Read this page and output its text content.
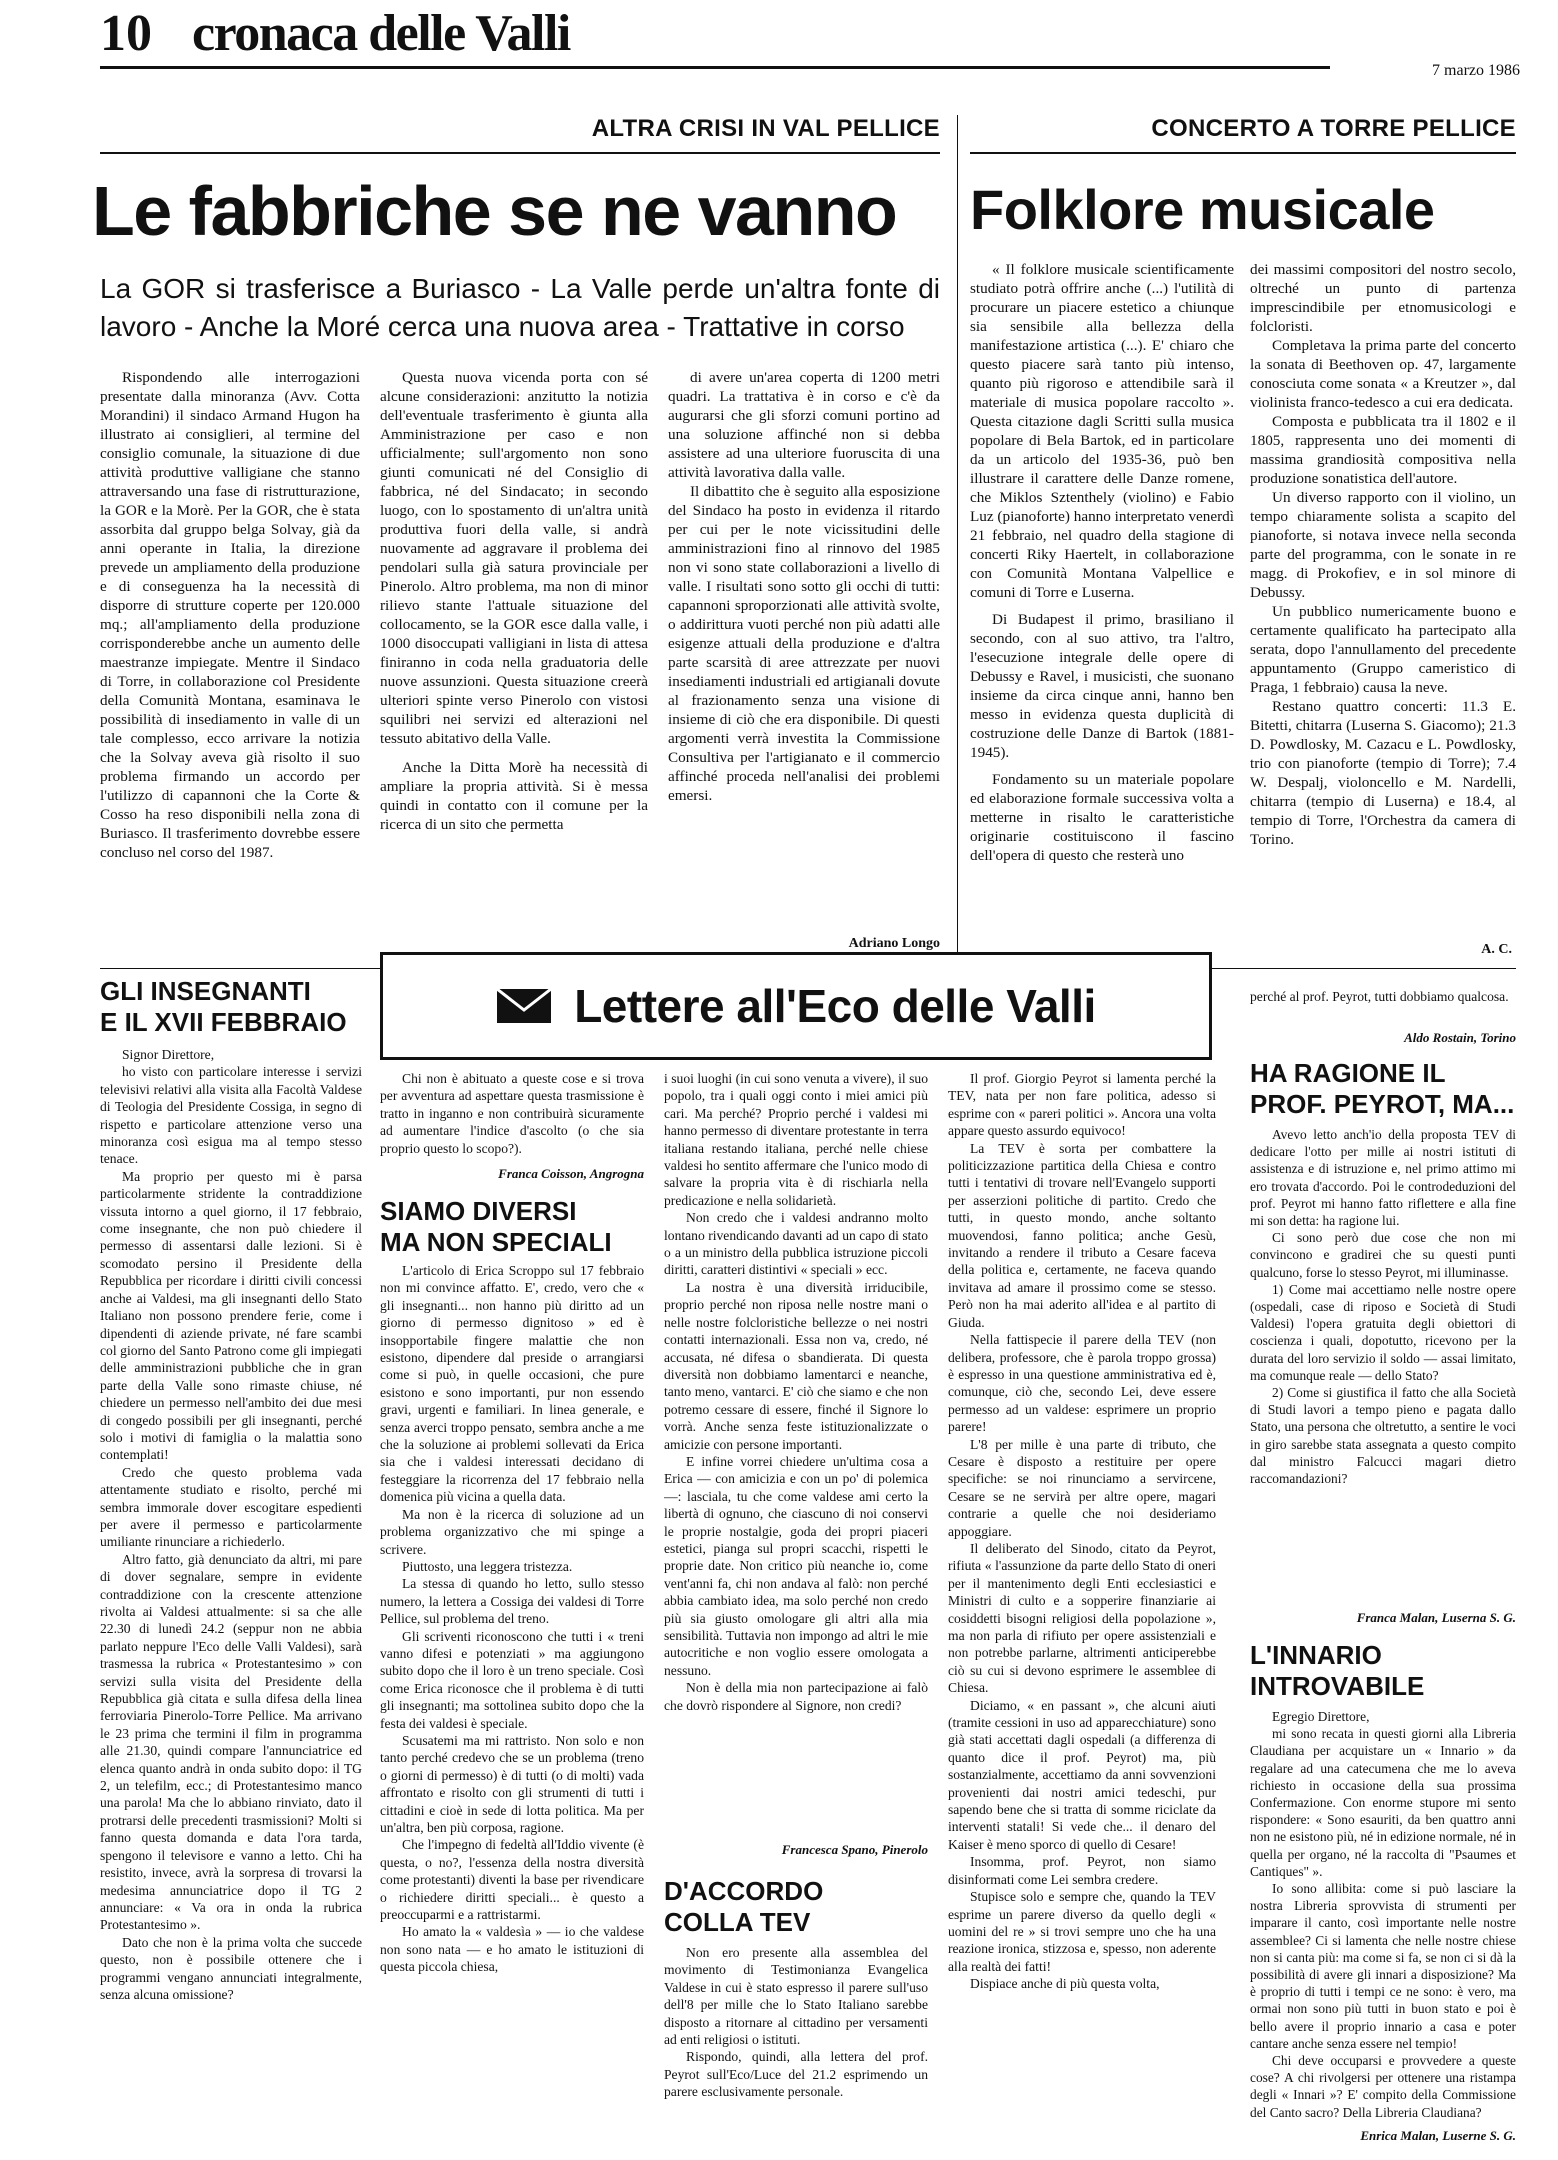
10 cronaca delle Valli
7 marzo 1986
ALTRA CRISI IN VAL PELLICE
Le fabbriche se ne vanno
La GOR si trasferisce a Buriasco - La Valle perde un'altra fonte di lavoro - Anche la Moré cerca una nuova area - Trattative in corso

Rispondendo alle interrogazioni presentate dalla minoranza (Avv. Cotta Morandini) il sindaco Armand Hugon ha illustrato ai consiglieri, al termine del consiglio comunale, la situazione di due attività produttive valligiane che stanno attraversando una fase di ristrutturazione, la GOR e la Morè. Per la GOR, che è stata assorbita dal gruppo belga Solvay, già da anni operante in Italia, la direzione prevede un ampliamento della produzione e di conseguenza ha la necessità di disporre di strutture coperte per 120.000 mq.; all'ampliamento della produzione corrisponderebbe anche un aumento delle maestranze impiegate. Mentre il Sindaco di Torre, in collaborazione col Presidente della Comunità Montana, esaminava le possibilità di insediamento in valle di un tale complesso, ecco arrivare la notizia che la Solvay aveva già risolto il suo problema firmando un accordo per l'utilizzo di capannoni che la Corte & Cosso ha reso disponibili nella zona di Buriasco. Il trasferimento dovrebbe essere concluso nel corso del 1987.

Questa nuova vicenda porta con sé alcune considerazioni: anzitutto la notizia dell'eventuale trasferimento è giunta alla Amministrazione per caso e non ufficialmente; sull'argomento non sono giunti comunicati né del Consiglio di fabbrica, né del Sindacato; in secondo luogo, con lo spostamento di un'altra unità produttiva fuori della valle, si andrà nuovamente ad aggravare il problema dei pendolari sulla già satura provinciale per Pinerolo. Altro problema, ma non di minor rilievo stante l'attuale situazione del collocamento, se la GOR esce dalla valle, i 1000 disoccupati valligiani in lista di attesa finiranno in coda nella graduatoria delle nuove assunzioni. Questa situazione creerà ulteriori spinte verso Pinerolo con vistosi squilibri nei servizi ed alterazioni nel tessuto abitativo della Valle.

Anche la Ditta Morè ha necessità di ampliare la propria attività. Si è messa quindi in contatto con il comune per la ricerca di un sito che permetta

di avere un'area coperta di 1200 metri quadri. La trattativa è in corso e c'è da augurarsi che gli sforzi comuni portino ad una soluzione affinché non si debba assistere ad una ulteriore fuoruscita di una attività lavorativa dalla valle.

Il dibattito che è seguito alla esposizione del Sindaco ha posto in evidenza il ritardo per cui per le note vicissitudini delle amministrazioni fino al rinnovo del 1985 non vi sono state collaborazioni a livello di valle. I risultati sono sotto gli occhi di tutti: capannoni sproporzionati alle attività svolte, o addirittura vuoti perché non più adatti alle esigenze attuali della produzione e d'altra parte scarsità di aree attrezzate per nuovi insediamenti industriali ed artigianali dovute al frazionamento senza una visione di insieme di ciò che era disponibile. Di questi argomenti verrà investita la Commissione Consultiva per l'artigianato e il commercio affinché proceda nell'analisi dei problemi emersi.

Adriano Longo
CONCERTO A TORRE PELLICE
Folklore musicale

« Il folklore musicale scientificamente studiato potrà offrire anche (...) l'utilità di procurare un piacere estetico a chiunque sia sensibile alla bellezza della manifestazione artistica (...). E' chiaro che questo piacere sarà tanto più intenso, quanto più rigoroso e attendibile sarà il materiale di musica popolare raccolto ». Questa citazione dagli Scritti sulla musica popolare di Bela Bartok, ed in particolare da un articolo del 1935-36, può ben illustrare il carattere delle Danze romene, che Miklos Sztenthely (violino) e Fabio Luz (pianoforte) hanno interpretato venerdì 21 febbraio, nel quadro della stagione di concerti Riky Haertelt, in collaborazione con Comunità Montana Valpellice e comuni di Torre e Luserna.

Di Budapest il primo, brasiliano il secondo, con al suo attivo, tra l'altro, l'esecuzione integrale delle opere di Debussy e Ravel, i musicisti, che suonano insieme da circa cinque anni, hanno ben messo in evidenza questa duplicità di costruzione delle Danze di Bartok (1881-1945).

Fondamento su un materiale popolare ed elaborazione formale successiva volta a metterne in risalto le caratteristiche originarie costituiscono il fascino dell'opera di questo che resterà uno

dei massimi compositori del nostro secolo, oltreché un punto di partenza imprescindibile per etnomusicologi e folcloristi.

Completava la prima parte del concerto la sonata di Beethoven op. 47, largamente conosciuta come sonata « a Kreutzer », dal violinista franco-tedesco a cui era dedicata.

Composta e pubblicata tra il 1802 e il 1805, rappresenta uno dei momenti di massima grandiosità compositiva nella produzione sonatistica dell'autore.

Un diverso rapporto con il violino, un tempo chiaramente solista a scapito del pianoforte, si notava invece nella seconda parte del programma, con le sonate in re magg. di Prokofiev, e in sol minore di Debussy.

Un pubblico numericamente buono e certamente qualificato ha partecipato alla serata, dopo l'annullamento del precedente appuntamento (Gruppo cameristico di Praga, 1 febbraio) causa la neve.

Restano quattro concerti: 11.3 E. Bitetti, chitarra (Luserna S. Giacomo); 21.3 D. Powdlosky, M. Cazacu e L. Powdlosky, trio con pianoforte (tempio di Torre); 7.4 W. Despalj, violoncello e M. Nardelli, chitarra (tempio di Luserna) e 18.4, al tempio di Torre, l'Orchestra da camera di Torino.

A. C.
Lettere all'Eco delle Valli
GLI INSEGNANTI
E IL XVII FEBBRAIO

Signor Direttore,

ho visto con particolare interesse i servizi televisivi relativi alla visita alla Facoltà Valdese di Teologia del Presidente Cossiga, in segno di rispetto e particolare attenzione verso una minoranza così esigua ma al tempo stesso tenace.

Ma proprio per questo mi è parsa particolarmente stridente la contraddizione vissuta intorno a quel giorno, il 17 febbraio, come insegnante, che non può chiedere il permesso di assentarsi dalle lezioni. Si è scomodato persino il Presidente della Repubblica per ricordare i diritti civili concessi anche ai Valdesi, ma gli insegnanti dello Stato Italiano non possono prendere ferie, come i dipendenti di aziende private, né fare scambi col giorno del Santo Patrono come gli impiegati delle amministrazioni pubbliche che in gran parte della Valle sono rimaste chiuse, né chiedere un permesso nell'ambito dei due mesi di congedo possibili per gli insegnanti, perché solo i motivi di famiglia o la malattia sono contemplati!

Credo che questo problema vada attentamente studiato e risolto, perché mi sembra immorale dover escogitare espedienti per avere il permesso e particolarmente umiliante rinunciare a richiederlo.

Altro fatto, già denunciato da altri, mi pare di dover segnalare, sempre in evidente contraddizione con la crescente attenzione rivolta ai Valdesi attualmente: si sa che alle 22.30 di lunedì 24.2 (seppur non ne abbia parlato neppure l'Eco delle Valli Valdesi), sarà trasmessa la rubrica « Protestantesimo » con servizi sulla visita del Presidente della Repubblica già citata e sulla difesa della linea ferroviaria Pinerolo-Torre Pellice. Ma arrivano le 23 prima che termini il film in programma alle 21.30, quindi compare l'annunciatrice ed elenca quanto andrà in onda subito dopo: il TG 2, un telefilm, ecc.; di Protestantesimo manco una parola! Ma che lo abbiano rinviato, dato il protrarsi delle precedenti trasmissioni? Molti si fanno questa domanda e data l'ora tarda, spengono il televisore e vanno a letto. Chi ha resistito, invece, avrà la sorpresa di trovarsi la medesima annunciatrice dopo il TG 2 annunciare: « Va ora in onda la rubrica Protestantesimo ».

Dato che non è la prima volta che succede questo, non è possibile ottenere che i programmi vengano annunciati integralmente, senza alcuna omissione?

Chi non è abituato a queste cose e si trova per avventura ad aspettare questa trasmissione è tratto in inganno e non contribuirà sicuramente ad aumentare l'indice d'ascolto (o che sia proprio questo lo scopo?).

Franca Coisson, Angrogna
SIAMO DIVERSI
MA NON SPECIALI

L'articolo di Erica Scroppo sul 17 febbraio non mi convince affatto. E', credo, vero che « gli insegnanti... non hanno più diritto ad un giorno di permesso dignitoso » ed è insopportabile fingere malattie che non esistono, dipendere dal preside o arrangiarsi come si può, in quelle occasioni, che pure esistono e sono importanti, pur non essendo gravi, urgenti e familiari. In linea generale, e senza averci troppo pensato, sembra anche a me che la soluzione ai problemi sollevati da Erica sia che i valdesi interessati decidano di festeggiare la ricorrenza del 17 febbraio nella domenica più vicina a quella data.

Ma non è la ricerca di soluzione ad un problema organizzativo che mi spinge a scrivere.

Piuttosto, una leggera tristezza.

La stessa di quando ho letto, sullo stesso numero, la lettera a Cossiga dei valdesi di Torre Pellice, sul problema del treno.

Gli scriventi riconoscono che tutti i « treni vanno difesi e potenziati » ma aggiungono subito dopo che il loro è un treno speciale. Così come Erica riconosce che il problema è di tutti gli insegnanti; ma sottolinea subito dopo che la festa dei valdesi è speciale.

Scusatemi ma mi rattristo. Non solo e non tanto perché credevo che se un problema (treno o giorni di permesso) è di tutti (o di molti) vada affrontato e risolto con gli strumenti di tutti i cittadini e cioè in sede di lotta politica. Ma per un'altra, ben più corposa, ragione.

Che l'impegno di fedeltà all'Iddio vivente (è questa, o no?, l'essenza della nostra diversità come protestanti) diventi la base per rivendicare o richiedere diritti speciali... è questo a preoccuparmi e a rattristarmi.

Ho amato la « valdesìa » — io che valdese non sono nata — e ho amato le istituzioni di questa piccola chiesa,

i suoi luoghi (in cui sono venuta a vivere), il suo popolo, tra i quali oggi conto i miei amici più cari. Ma perché? Proprio perché i valdesi mi hanno permesso di diventare protestante in terra italiana restando italiana, perché nelle chiese valdesi ho sentito affermare che l'unico modo di salvare la propria vita è di rischiarla nella predicazione e nella solidarietà.

Non credo che i valdesi andranno molto lontano rivendicando davanti ad un capo di stato o a un ministro della pubblica istruzione piccoli diritti, caratteri distintivi « speciali » ecc.

La nostra è una diversità irriducibile, proprio perché non riposa nelle nostre mani o nelle nostre folcloristiche bellezze o nei nostri contatti internazionali. Essa non va, credo, né accusata, né difesa o sbandierata. Di questa diversità non dobbiamo lamentarci e neanche, tanto meno, vantarci. E' ciò che siamo e che non potremo cessare di essere, finché il Signore lo vorrà. Anche senza feste istituzionalizzate o amicizie con persone importanti.

E infine vorrei chiedere un'ultima cosa a Erica — con amicizia e con un po' di polemica —: lasciala, tu che come valdese ami certo la libertà di ognuno, che ciascuno di noi conservi le proprie nostalgie, goda dei propri piaceri estetici, pianga sul propri scacchi, rispetti le proprie date. Non critico più neanche io, come vent'anni fa, chi non andava al falò: non perché abbia cambiato idea, ma solo perché non credo più sia giusto omologare gli altri alla mia sensibilità. Tuttavia non impongo ad altri le mie autocritiche e non voglio essere omologata a nessuno.

Non è della mia non partecipazione ai falò che dovrò rispondere al Signore, non credi?

Francesca Spano, Pinerolo
D'ACCORDO
COLLA TEV

Non ero presente alla assemblea del movimento di Testimonianza Evangelica Valdese in cui è stato espresso il parere sull'uso dell'8 per mille che lo Stato Italiano sarebbe disposto a ritornare al cittadino per versamenti ad enti religiosi o istituti.

Rispondo, quindi, alla lettera del prof. Peyrot sull'Eco/Luce del 21.2 esprimendo un parere esclusivamente personale.

Il prof. Giorgio Peyrot si lamenta perché la TEV, nata per non fare politica, adesso si esprime con « pareri politici ». Ancora una volta appare questo assurdo equivoco!

La TEV è sorta per combattere la politicizzazione partitica della Chiesa e contro tutti i tentativi di trovare nell'Evangelo supporti per asserzioni politiche di partito. Credo che tutti, in questo mondo, anche soltanto muovendosi, fanno politica; anche Gesù, invitando a rendere il tributo a Cesare faceva della politica e, certamente, ne faceva quando invitava ad amare il prossimo come se stesso. Però non ha mai aderito all'idea e al partito di Giuda.

Nella fattispecie il parere della TEV (non delibera, professore, che è parola troppo grossa) è espresso in una questione amministrativa ed è, comunque, ciò che, secondo Lei, deve essere permesso ad un valdese: esprimere un proprio parere!

L'8 per mille è una parte di tributo, che Cesare è disposto a restituire per opere specifiche: se noi rinunciamo a servircene, Cesare se ne servirà per altre opere, magari contrarie a quelle che noi desideriamo appoggiare.

Il deliberato del Sinodo, citato da Peyrot, rifiuta « l'assunzione da parte dello Stato di oneri per il mantenimento degli Enti ecclesiastici e Ministri di culto e a sopperire finanziarie ai cosiddetti bisogni religiosi della popolazione », ma non parla di rifiuto per opere assistenziali e non potrebbe parlarne, altrimenti anticiperebbe ciò su cui si devono esprimere le assemblee di Chiesa.

Diciamo, « en passant », che alcuni aiuti (tramite cessioni in uso ad apparecchiature) sono già stati accettati dagli ospedali (a differenza di quanto dice il prof. Peyrot) ma, più sostanzialmente, accettiamo da anni sovvenzioni provenienti dai nostri amici tedeschi, pur sapendo bene che si tratta di somme riciclate da interventi statali! Si vede che... il denaro del Kaiser è meno sporco di quello di Cesare!

Insomma, prof. Peyrot, non siamo disinformati come Lei sembra credere.

Stupisce solo e sempre che, quando la TEV esprime un parere diverso da quello degli « uomini del re » si trovi sempre uno che ha una reazione ironica, stizzosa e, spesso, non aderente alla realtà dei fatti!

Dispiace anche di più questa volta,

perché al prof. Peyrot, tutti dobbiamo qualcosa.

Aldo Rostain, Torino
HA RAGIONE IL
PROF. PEYROT, MA...

Avevo letto anch'io della proposta TEV di dedicare l'otto per mille ai nostri istituti di assistenza e di istruzione e, nel primo attimo mi ero trovata d'accordo. Poi le controdeduzioni del prof. Peyrot mi hanno fatto riflettere e alla fine mi son detta: ha ragione lui.

Ci sono però due cose che non mi convincono e gradirei che su questi punti qualcuno, forse lo stesso Peyrot, mi illuminasse.

1) Come mai accettiamo nelle nostre opere (ospedali, case di riposo e Società di Studi Valdesi) l'opera gratuita degli obiettori di coscienza i quali, dopotutto, ricevono per la durata del loro servizio il soldo — assai limitato, ma comunque reale — dello Stato?

2) Come si giustifica il fatto che alla Società di Studi lavori a tempo pieno e pagata dallo Stato, una persona che oltretutto, a sentire le voci in giro sarebbe stata assegnata a questo compito dal ministro Falcucci magari dietro raccomandazioni?

Franca Malan, Luserna S. G.
L'INNARIO
INTROVABILE

Egregio Direttore,

mi sono recata in questi giorni alla Libreria Claudiana per acquistare un « Innario » da regalare ad una catecumena che me lo aveva richiesto in occasione della sua prossima Confermazione. Con enorme stupore mi sento rispondere: « Sono esauriti, da ben quattro anni non ne esistono più, né in edizione normale, né in quella per organo, né la raccolta di "Psaumes et Cantiques" ».

Io sono allibita: come si può lasciare la nostra Libreria sprovvista di strumenti per imparare il canto, così importante nelle nostre assemblee? Ci si lamenta che nelle nostre chiese non si canta più: ma come si fa, se non ci si dà la possibilità di avere gli innari a disposizione? Ma è proprio di tutti i tempi ce ne sono: è vero, ma ormai non sono più tutti in buon stato e poi è bello avere il proprio innario a casa e poter cantare anche senza essere nel tempio!

Chi deve occuparsi e provvedere a queste cose? A chi rivolgersi per ottenere una ristampa degli « Innari »? E' compito della Commissione del Canto sacro? Della Libreria Claudiana?

Enrica Malan, Luserne S. G.
